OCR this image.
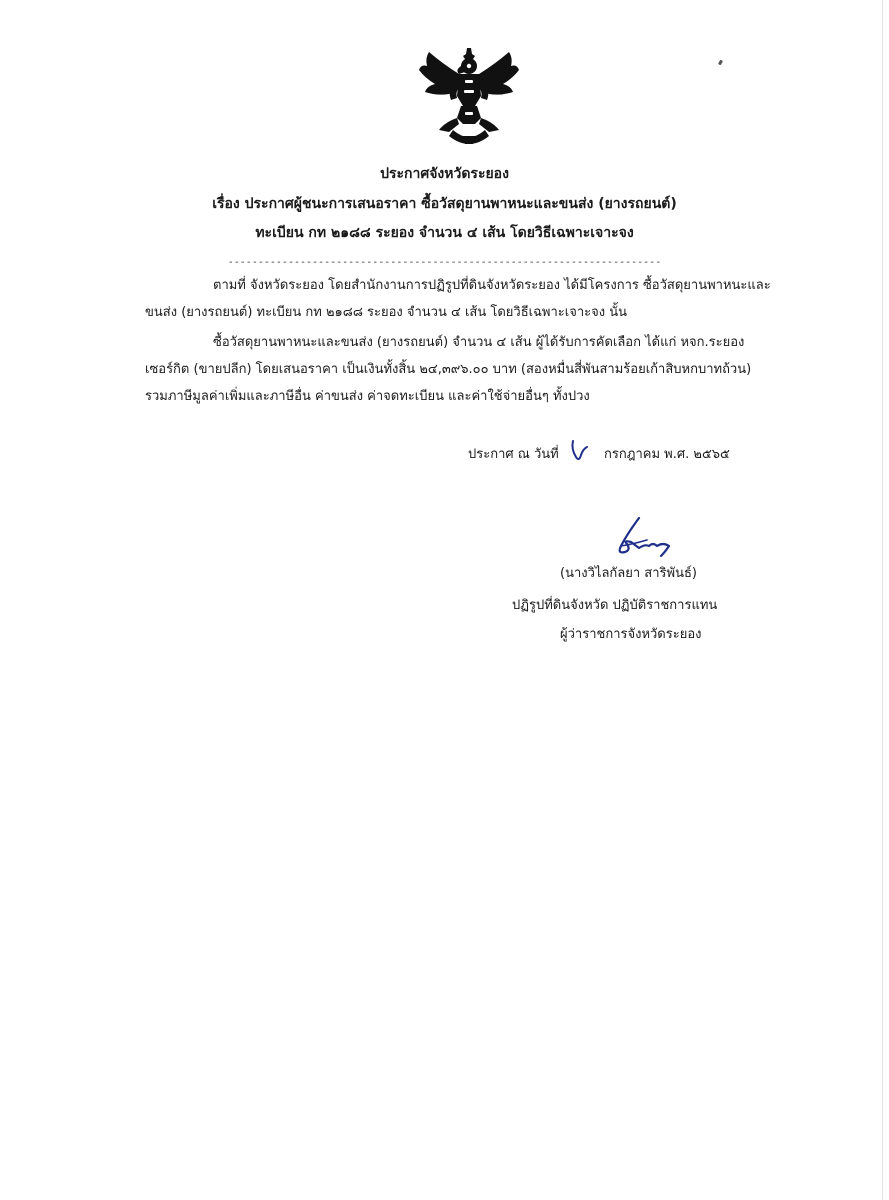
ประกาศจังหวัดระยอง
เรื่อง ประกาศผู้ชนะการเสนอราคา ซื้อวัสดุยานพาหนะและขนส่ง (ยางรถยนต์)
ทะเบียน กท ๒๑๘๘ ระยอง จำนวน ๔ เส้น โดยวิธีเฉพาะเจาะจง
------------------------------------------------------------------------
ตามที่ จังหวัดระยอง โดยสำนักงานการปฏิรูปที่ดินจังหวัดระยอง ได้มีโครงการ ซื้อวัสดุยานพาหนะและ
ขนส่ง (ยางรถยนต์) ทะเบียน กท ๒๑๘๘ ระยอง จำนวน ๔ เส้น โดยวิธีเฉพาะเจาะจง นั้น
ซื้อวัสดุยานพาหนะและขนส่ง (ยางรถยนต์) จำนวน ๔ เส้น ผู้ได้รับการคัดเลือก ได้แก่ หจก.ระยอง
เซอร์กิต (ขายปลีก) โดยเสนอราคา เป็นเงินทั้งสิ้น ๒๔,๓๙๖.๐๐ บาท (สองหมื่นสี่พันสามร้อยเก้าสิบหกบาทถ้วน)
รวมภาษีมูลค่าเพิ่มและภาษีอื่น ค่าขนส่ง ค่าจดทะเบียน และค่าใช้จ่ายอื่นๆ ทั้งปวง
ประกาศ ณ วันที่	กรกฎาคม พ.ศ. ๒๕๖๕
(นางวิไลกัลยา สาริพันธ์)
ปฏิรูปที่ดินจังหวัด ปฏิบัติราชการแทน
ผู้ว่าราชการจังหวัดระยอง
